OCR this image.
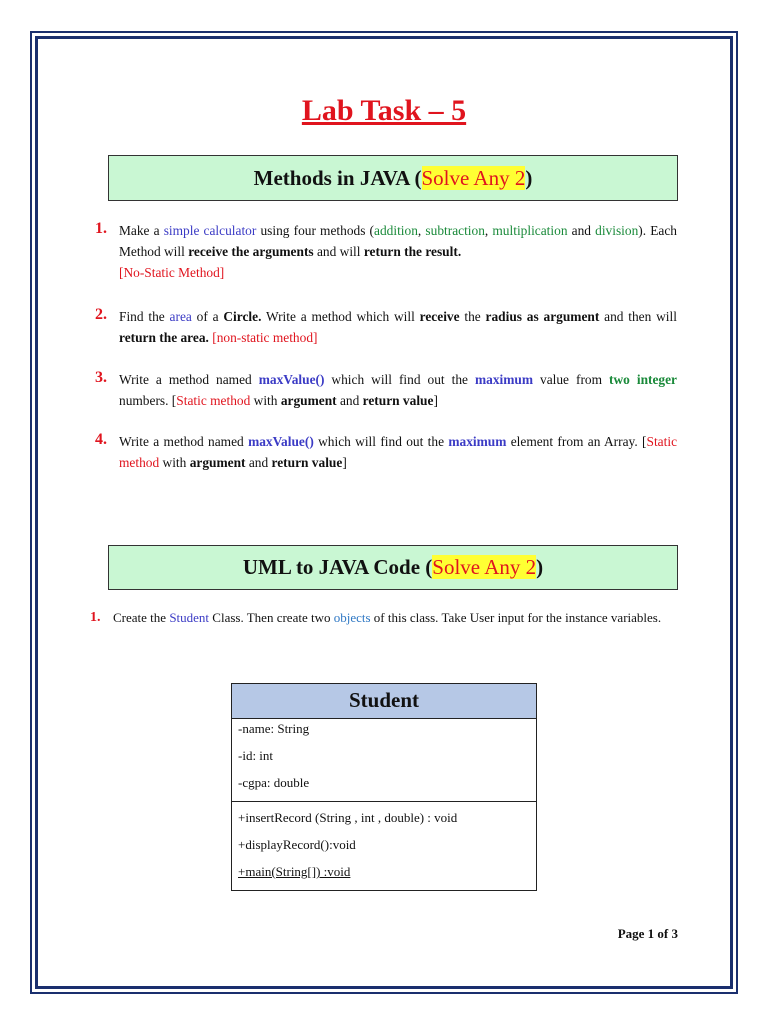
Lab Task – 5
Methods in JAVA (Solve Any 2)
1. Make a simple calculator using four methods (addition, subtraction, multiplication and division). Each Method will receive the arguments and will return the result.
[No-Static Method]
2. Find the area of a Circle. Write a method which will receive the radius as argument and then will return the area. [non-static method]
3. Write a method named maxValue() which will find out the maximum value from two integer numbers. [Static method with argument and return value]
4. Write a method named maxValue() which will find out the maximum element from an Array. [Static method with argument and return value]
UML to JAVA Code (Solve Any 2)
1. Create the Student Class. Then create two objects of this class. Take User input for the instance variables.
Student
-name: String
-id: int
-cgpa: double
+insertRecord (String , int , double) : void
+displayRecord():void
+main(String[]) :void
Page 1 of 3
